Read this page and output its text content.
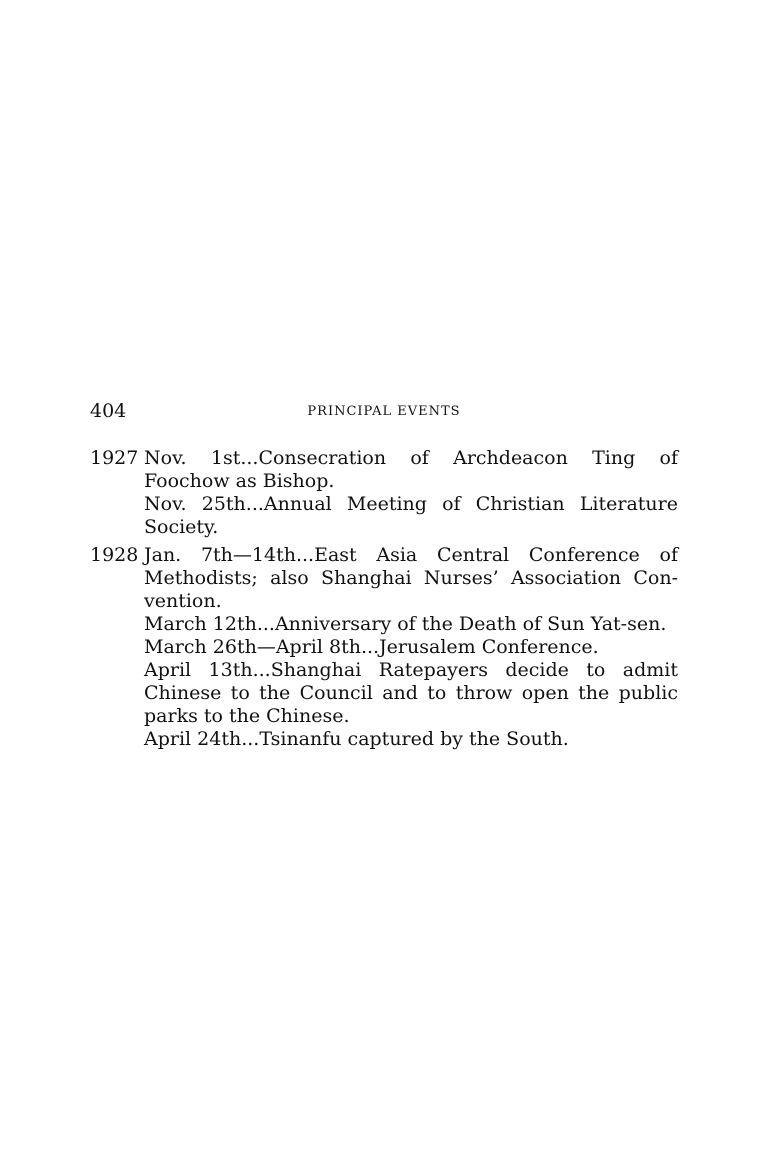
404	PRINCIPAL EVENTS
1927 Nov. 1st...Consecration of Archdeacon Ting of Foochow as Bishop.
Nov. 25th...Annual Meeting of Christian Literature Society.
1928 Jan. 7th—14th...East Asia Central Conference of Methodists; also Shanghai Nurses’ Association Convention.
March 12th...Anniversary of the Death of Sun Yat-sen.
March 26th—April 8th...Jerusalem Conference.
April 13th...Shanghai Ratepayers decide to admit Chinese to the Council and to throw open the public parks to the Chinese.
April 24th...Tsinanfu captured by the South.
